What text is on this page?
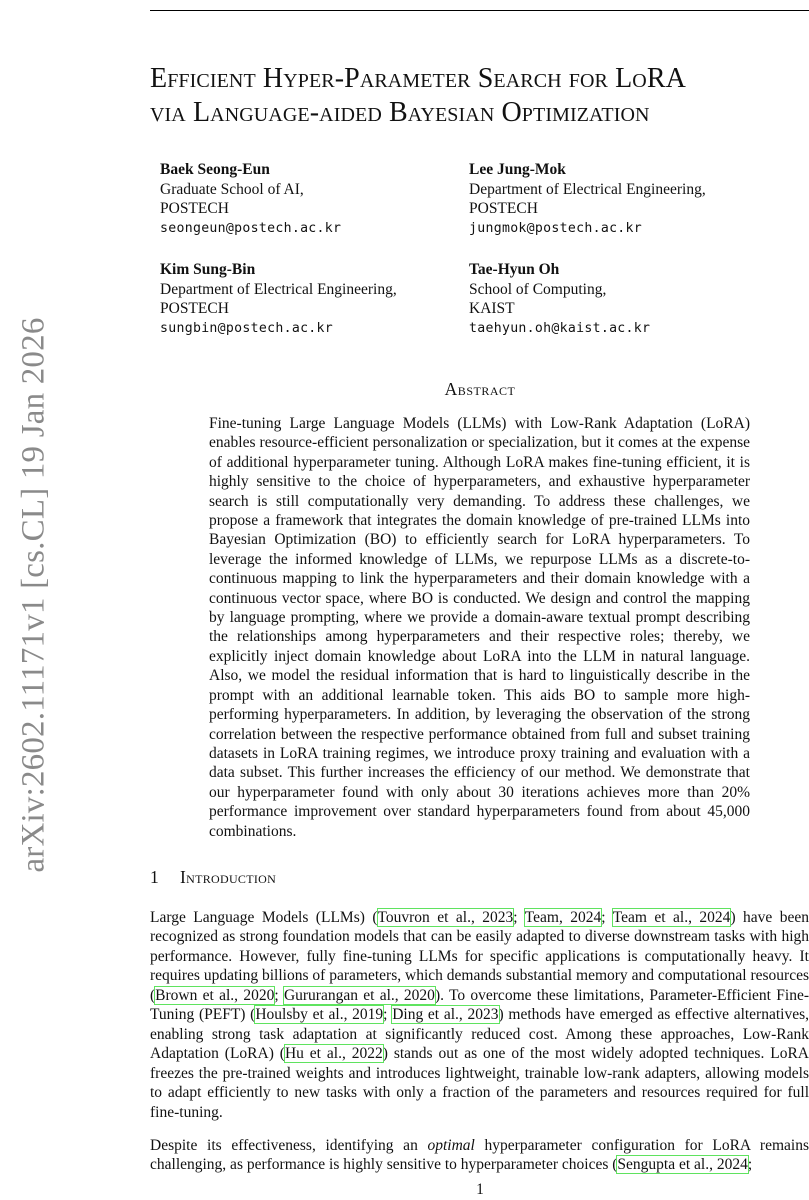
arXiv:2602.11171v1 [cs.CL] 19 Jan 2026
Efficient Hyper-Parameter Search for LoRA
via Language-aided Bayesian Optimization
Baek Seong-Eun
Graduate School of AI,
POSTECH
seongeun@postech.ac.kr
Lee Jung-Mok
Department of Electrical Engineering,
POSTECH
jungmok@postech.ac.kr
Kim Sung-Bin
Department of Electrical Engineering,
POSTECH
sungbin@postech.ac.kr
Tae-Hyun Oh
School of Computing,
KAIST
taehyun.oh@kaist.ac.kr
Abstract

Fine-tuning Large Language Models (LLMs) with Low-Rank Adaptation (LoRA) enables resource-efficient personalization or specialization, but it comes at the expense of additional hyperparameter tuning. Although LoRA makes fine-tuning efficient, it is highly sensitive to the choice of hyperparameters, and exhaustive hyperparameter search is still computationally very demanding. To address these challenges, we propose a framework that integrates the domain knowledge of pre-trained LLMs into Bayesian Optimization (BO) to efficiently search for LoRA hyperparameters. To leverage the informed knowledge of LLMs, we repurpose LLMs as a discrete-to-continuous mapping to link the hyperparameters and their domain knowledge with a continuous vector space, where BO is conducted. We design and control the mapping by language prompting, where we provide a domain-aware textual prompt describing the relationships among hyperparameters and their respective roles; thereby, we explicitly inject domain knowledge about LoRA into the LLM in natural language. Also, we model the residual information that is hard to linguistically describe in the prompt with an additional learnable token. This aids BO to sample more high-performing hyperparameters. In addition, by leveraging the observation of the strong correlation between the respective performance obtained from full and subset training datasets in LoRA training regimes, we introduce proxy training and evaluation with a data subset. This further increases the efficiency of our method. We demonstrate that our hyperparameter found with only about 30 iterations achieves more than 20% performance improvement over standard hyperparameters found from about 45,000 combinations.

1 Introduction

Large Language Models (LLMs) (Touvron et al., 2023; Team, 2024; Team et al., 2024) have been recognized as strong foundation models that can be easily adapted to diverse downstream tasks with high performance. However, fully fine-tuning LLMs for specific applications is computationally heavy. It requires updating billions of parameters, which demands substantial memory and computational resources (Brown et al., 2020; Gururangan et al., 2020). To overcome these limitations, Parameter-Efficient Fine-Tuning (PEFT) (Houlsby et al., 2019; Ding et al., 2023) methods have emerged as effective alternatives, enabling strong task adaptation at significantly reduced cost. Among these approaches, Low-Rank Adaptation (LoRA) (Hu et al., 2022) stands out as one of the most widely adopted techniques. LoRA freezes the pre-trained weights and introduces lightweight, trainable low-rank adapters, allowing models to adapt efficiently to new tasks with only a fraction of the parameters and resources required for full fine-tuning.

Despite its effectiveness, identifying an optimal hyperparameter configuration for LoRA remains challenging, as performance is highly sensitive to hyperparameter choices (Sengupta et al., 2024;

1
